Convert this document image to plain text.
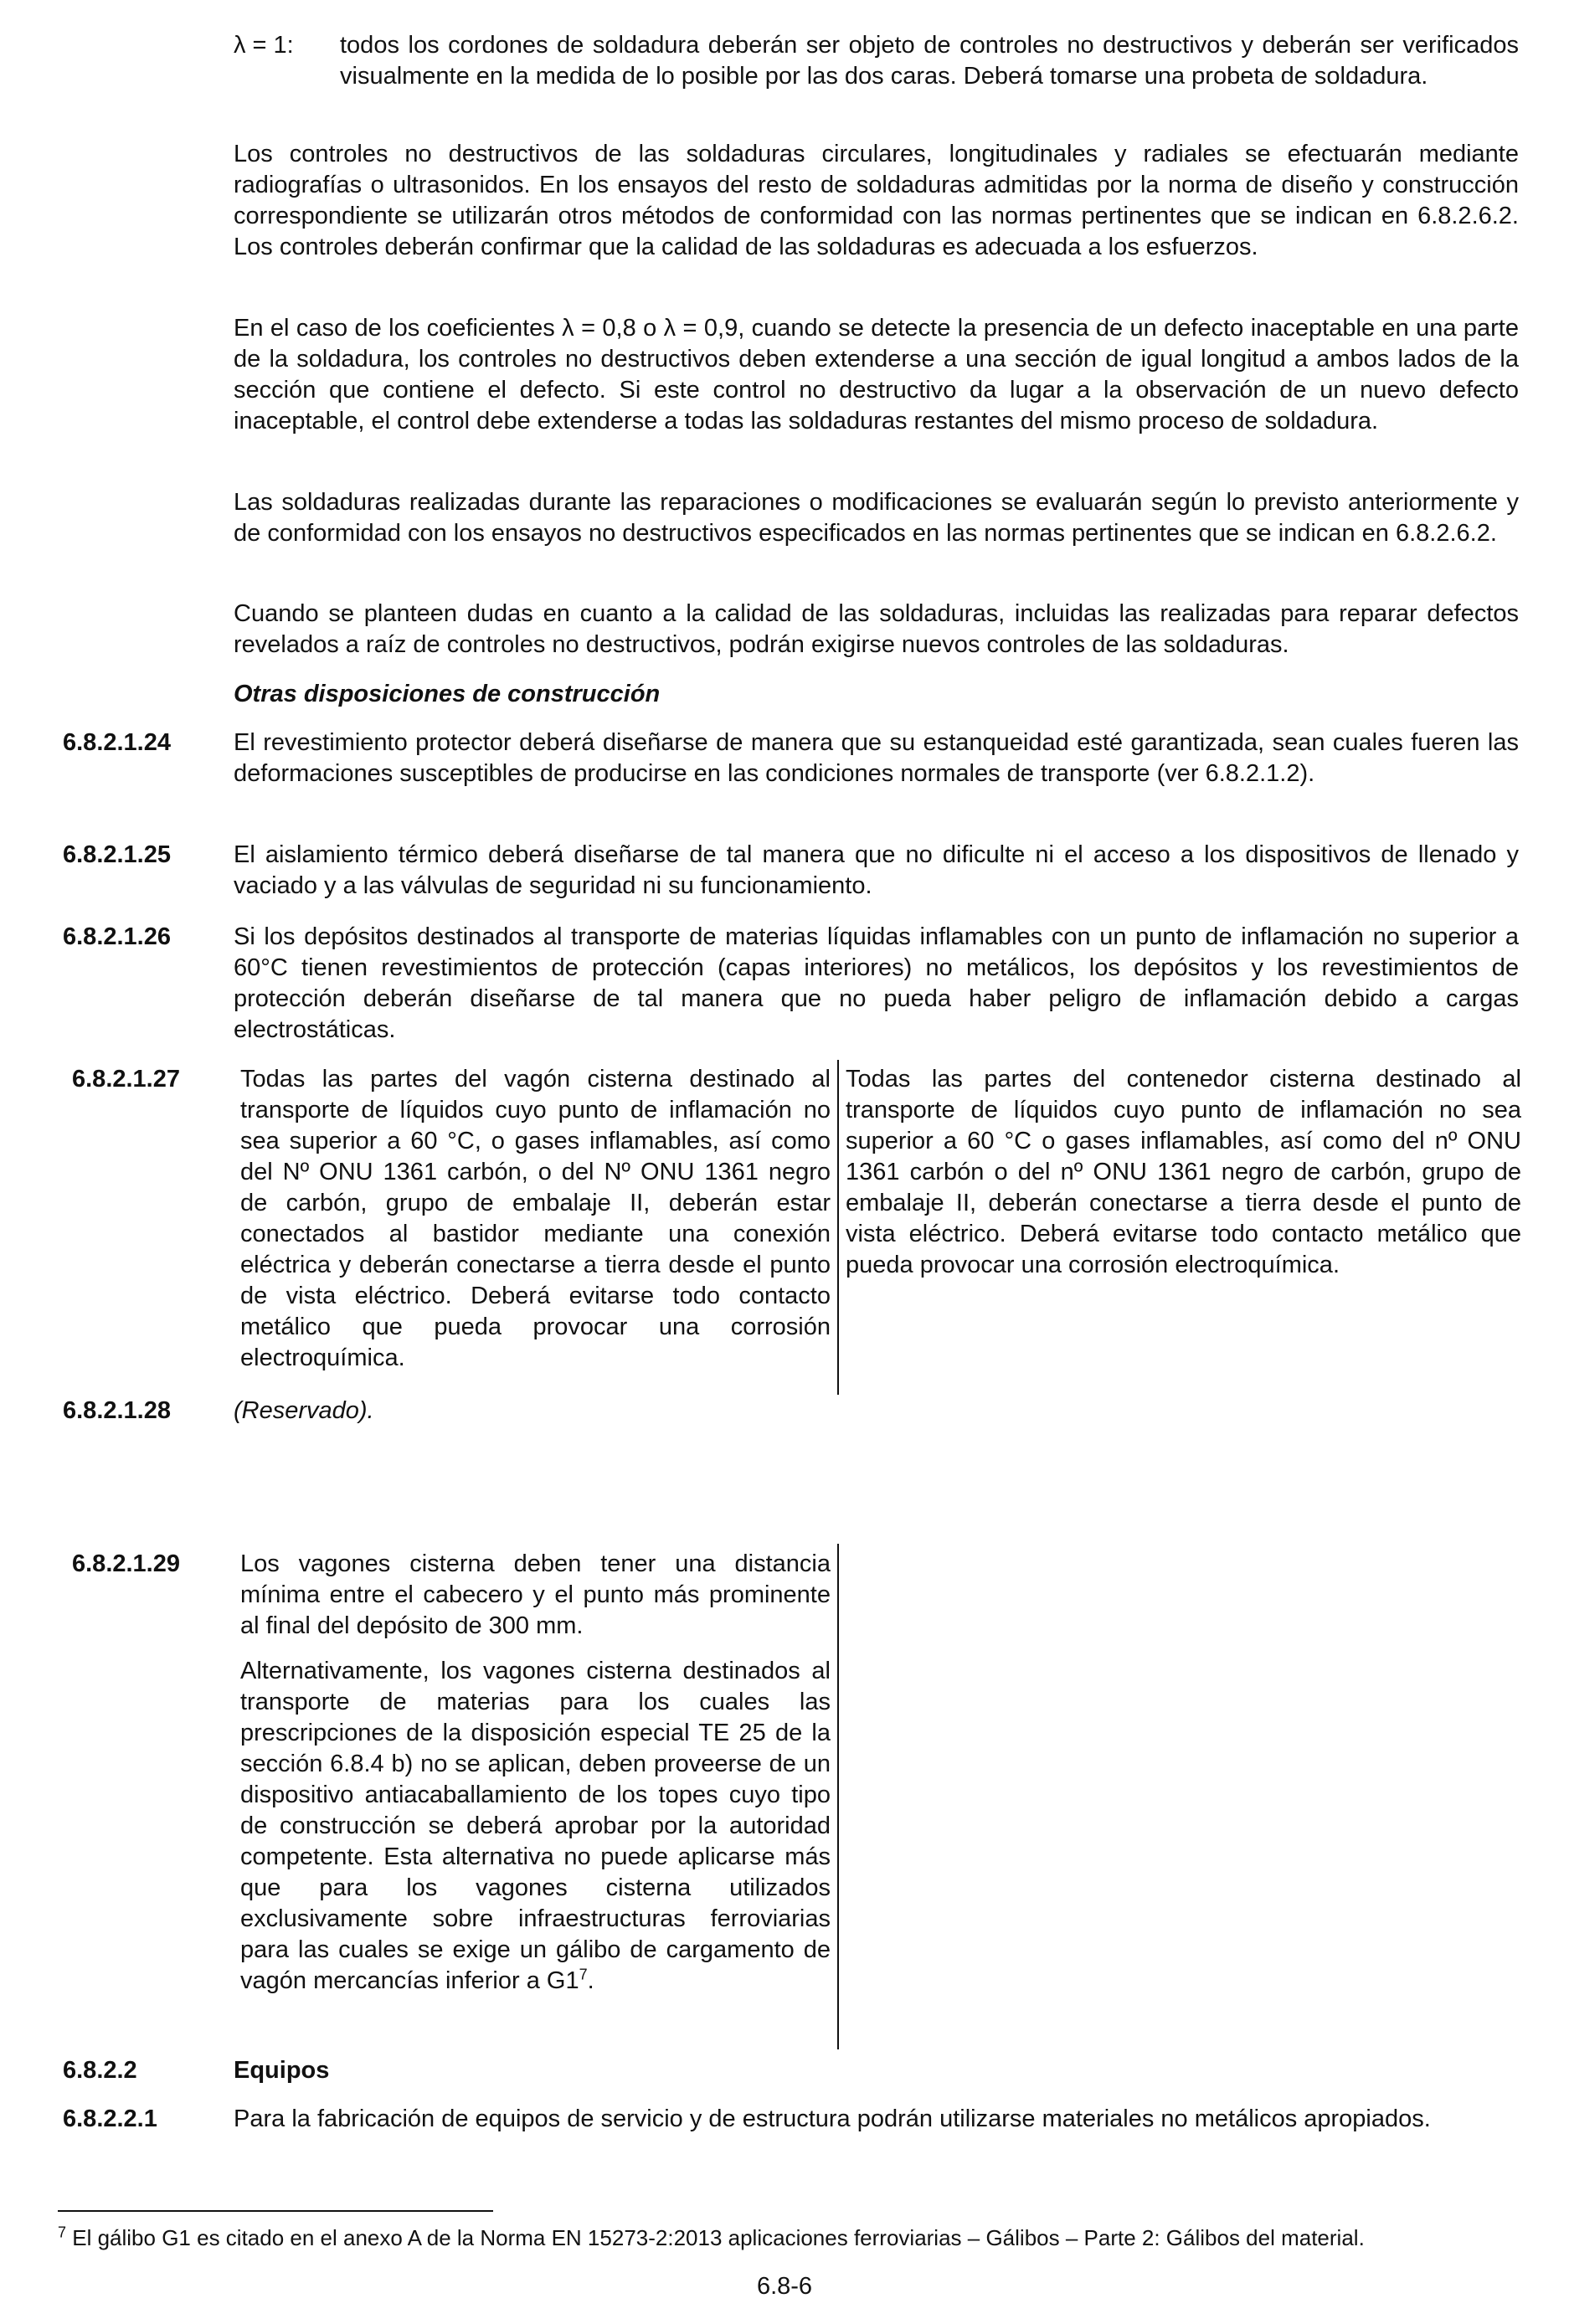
λ = 1: todos los cordones de soldadura deberán ser objeto de controles no destructivos y deberán ser verificados visualmente en la medida de lo posible por las dos caras. Deberá tomarse una probeta de soldadura.
Los controles no destructivos de las soldaduras circulares, longitudinales y radiales se efectuarán mediante radiografías o ultrasonidos. En los ensayos del resto de soldaduras admitidas por la norma de diseño y construcción correspondiente se utilizarán otros métodos de conformidad con las normas pertinentes que se indican en 6.8.2.6.2. Los controles deberán confirmar que la calidad de las soldaduras es adecuada a los esfuerzos.
En el caso de los coeficientes λ = 0,8 o λ = 0,9, cuando se detecte la presencia de un defecto inaceptable en una parte de la soldadura, los controles no destructivos deben extenderse a una sección de igual longitud a ambos lados de la sección que contiene el defecto. Si este control no destructivo da lugar a la observación de un nuevo defecto inaceptable, el control debe extenderse a todas las soldaduras restantes del mismo proceso de soldadura.
Las soldaduras realizadas durante las reparaciones o modificaciones se evaluarán según lo previsto anteriormente y de conformidad con los ensayos no destructivos especificados en las normas pertinentes que se indican en 6.8.2.6.2.
Cuando se planteen dudas en cuanto a la calidad de las soldaduras, incluidas las realizadas para reparar defectos revelados a raíz de controles no destructivos, podrán exigirse nuevos controles de las soldaduras.
Otras disposiciones de construcción
6.8.2.1.24	El revestimiento protector deberá diseñarse de manera que su estanqueidad esté garantizada, sean cuales fueren las deformaciones susceptibles de producirse en las condiciones normales de transporte (ver 6.8.2.1.2).
6.8.2.1.25	El aislamiento térmico deberá diseñarse de tal manera que no dificulte ni el acceso a los dispositivos de llenado y vaciado y a las válvulas de seguridad ni su funcionamiento.
6.8.2.1.26	Si los depósitos destinados al transporte de materias líquidas inflamables con un punto de inflamación no superior a 60°C tienen revestimientos de protección (capas interiores) no metálicos, los depósitos y los revestimientos de protección deberán diseñarse de tal manera que no pueda haber peligro de inflamación debido a cargas electrostáticas.
6.8.2.1.27 Todas las partes del vagón cisterna destinado al transporte de líquidos cuyo punto de inflamación no sea superior a 60 °C, o gases inflamables, así como del Nº ONU 1361 carbón, o del Nº ONU 1361 negro de carbón, grupo de embalaje II, deberán estar conectados al bastidor mediante una conexión eléctrica y deberán conectarse a tierra desde el punto de vista eléctrico. Deberá evitarse todo contacto metálico que pueda provocar una corrosión electroquímica.
Todas las partes del contenedor cisterna destinado al transporte de líquidos cuyo punto de inflamación no sea superior a 60 °C o gases inflamables, así como del nº ONU 1361 carbón o del nº ONU 1361 negro de carbón, grupo de embalaje II, deberán conectarse a tierra desde el punto de vista eléctrico. Deberá evitarse todo contacto metálico que pueda provocar una corrosión electroquímica.
6.8.2.1.28	(Reservado).
6.8.2.1.29 Los vagones cisterna deben tener una distancia mínima entre el cabecero y el punto más prominente al final del depósito de 300 mm.
Alternativamente, los vagones cisterna destinados al transporte de materias para los cuales las prescripciones de la disposición especial TE 25 de la sección 6.8.4 b) no se aplican, deben proveerse de un dispositivo antiacaballamiento de los topes cuyo tipo de construcción se deberá aprobar por la autoridad competente. Esta alternativa no puede aplicarse más que para los vagones cisterna utilizados exclusivamente sobre infraestructuras ferroviarias para las cuales se exige un gálibo de cargamento de vagón mercancías inferior a $G1^7$.
6.8.2.2	Equipos
6.8.2.2.1	Para la fabricación de equipos de servicio y de estructura podrán utilizarse materiales no metálicos apropiados.
$^7$ El gálibo G1 es citado en el anexo A de la Norma EN 15273-2:2013 aplicaciones ferroviarias – Gálibos – Parte 2: Gálibos del material.
6.8-6
